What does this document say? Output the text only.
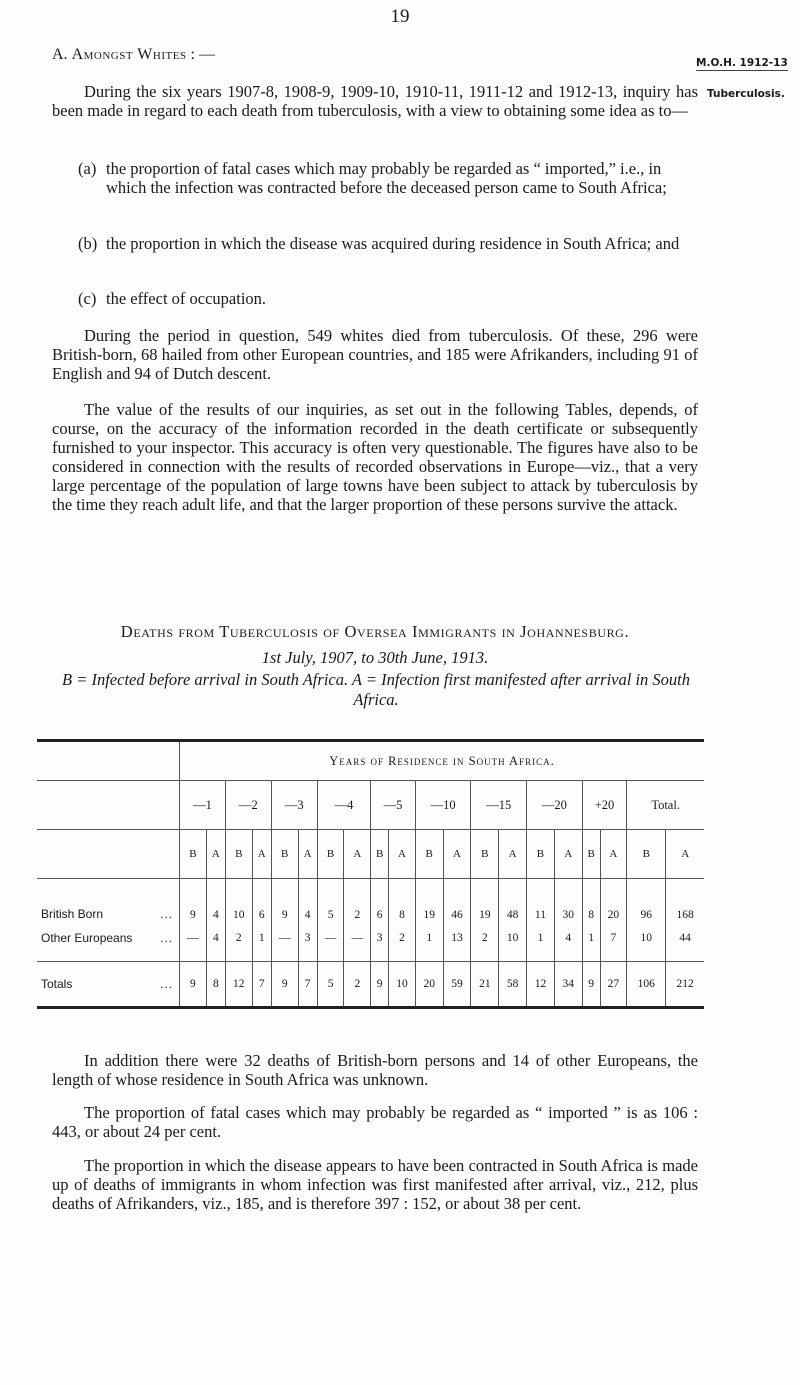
19
A. Amongst Whites : —	M.O.H. 1912-13
Tuberculosis.
During the six years 1907-8, 1908-9, 1909-10, 1910-11, 1911-12 and 1912-13, inquiry has been made in regard to each death from tuberculosis, with a view to obtaining some idea as to—
(a) the proportion of fatal cases which may probably be regarded as “ imported,” i.e., in which the infection was contracted before the deceased person came to South Africa;
(b) the proportion in which the disease was acquired during residence in South Africa; and
(c) the effect of occupation.
During the period in question, 549 whites died from tuberculosis. Of these, 296 were British-born, 68 hailed from other European countries, and 185 were Afrikanders, including 91 of English and 94 of Dutch descent.
The value of the results of our inquiries, as set out in the following Tables, depends, of course, on the accuracy of the information recorded in the death certificate or subsequently furnished to your inspector. This accuracy is often very questionable. The figures have also to be considered in connection with the results of recorded observations in Europe—viz., that a very large percentage of the population of large towns have been subject to attack by tuberculosis by the time they reach adult life, and that the larger proportion of these persons survive the attack.
Deaths from Tuberculosis of Oversea Immigrants in Johannesburg.
1st July, 1907, to 30th June, 1913.
B = Infected before arrival in South Africa. A = Infection first manifested after arrival in South Africa.
	Years of Residence in South Africa.																			
	—1		—2		—3		—4		—5		—10		—15		—20		+20		Total.	
	B	A	B	A	B	A	B	A	B	A	B	A	B	A	B	A	B	A	B	A
British Born ...	9	4	10	6	9	4	5	2	6	8	19	46	19	48	11	30	8	20	96	168
Other Europeans ...	—	4	2	1	—	3	—	—	3	2	1	13	2	10	1	4	1	7	10	44
Totals ...	9	8	12	7	9	7	5	2	9	10	20	59	21	58	12	34	9	27	106	212
In addition there were 32 deaths of British-born persons and 14 of other Europeans, the length of whose residence in South Africa was unknown.
The proportion of fatal cases which may probably be regarded as “ imported ” is as 106 : 443, or about 24 per cent.
The proportion in which the disease appears to have been contracted in South Africa is made up of deaths of immigrants in whom infection was first manifested after arrival, viz., 212, plus deaths of Afrikanders, viz., 185, and is therefore 397 : 152, or about 38 per cent.
